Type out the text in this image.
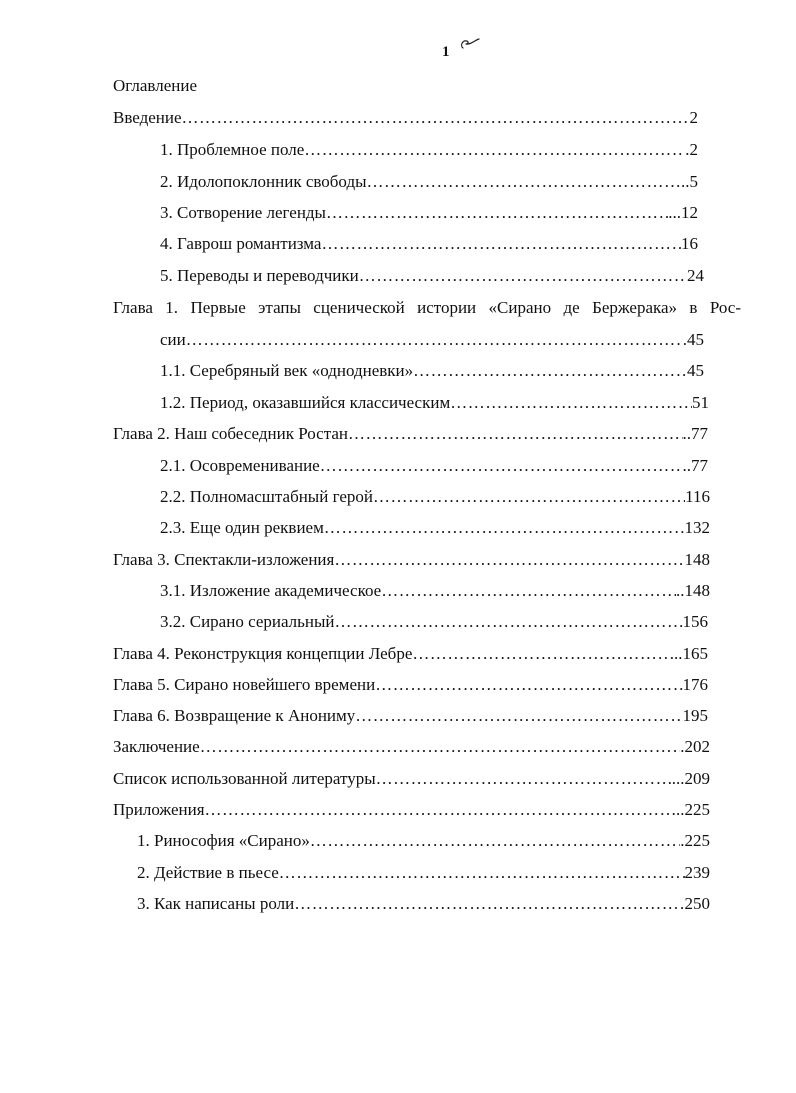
1
Оглавление
Введение ……………………………………………………………………………………………………………………………………………………………………	2
1. Проблемное поле ……………………………………………………………………………………………………………………………………………………………………	.2
2. Идолопоклонник свободы ……………………………………………………………………………………………………………………………………………………………………	..5
3. Сотворение легенды ……………………………………………………………………………………………………………………………………………………………………	...12
4. Гаврош романтизма ……………………………………………………………………………………………………………………………………………………………………	16
5. Переводы и переводчики ……………………………………………………………………………………………………………………………………………………………………	24
Глава 1. Первые этапы сценической истории «Сирано де Бержерака» в Рос-
сии ……………………………………………………………………………………………………………………………………………………………………	.45
1.1. Серебряный век «однодневки» ……………………………………………………………………………………………………………………………………………………………………	45
1.2. Период, оказавшийся классическим ……………………………………………………………………………………………………………………………………………………………………	51
Глава 2. Наш собеседник Ростан ……………………………………………………………………………………………………………………………………………………………………	..77
2.1. Осовременивание ……………………………………………………………………………………………………………………………………………………………………	..77
2.2. Полномасштабный герой ……………………………………………………………………………………………………………………………………………………………………	116
2.3. Еще один реквием ……………………………………………………………………………………………………………………………………………………………………	132
Глава 3. Спектакли-изложения ……………………………………………………………………………………………………………………………………………………………………	148
3.1. Изложение академическое ……………………………………………………………………………………………………………………………………………………………………	..148
3.2. Сирано сериальный ……………………………………………………………………………………………………………………………………………………………………	156
Глава 4. Реконструкция концепции Лебре ……………………………………………………………………………………………………………………………………………………………………	...165
Глава 5. Сирано новейшего времени ……………………………………………………………………………………………………………………………………………………………………	176
Глава 6. Возвращение к Анониму ……………………………………………………………………………………………………………………………………………………………………	195
Заключение ……………………………………………………………………………………………………………………………………………………………………	.202
Список использованной литературы ……………………………………………………………………………………………………………………………………………………………………	...209
Приложения ……………………………………………………………………………………………………………………………………………………………………	..225
1. Ринософия «Сирано» ……………………………………………………………………………………………………………………………………………………………………	.225
2. Действие в пьесе ……………………………………………………………………………………………………………………………………………………………………	239
3. Как написаны роли ……………………………………………………………………………………………………………………………………………………………………	250
